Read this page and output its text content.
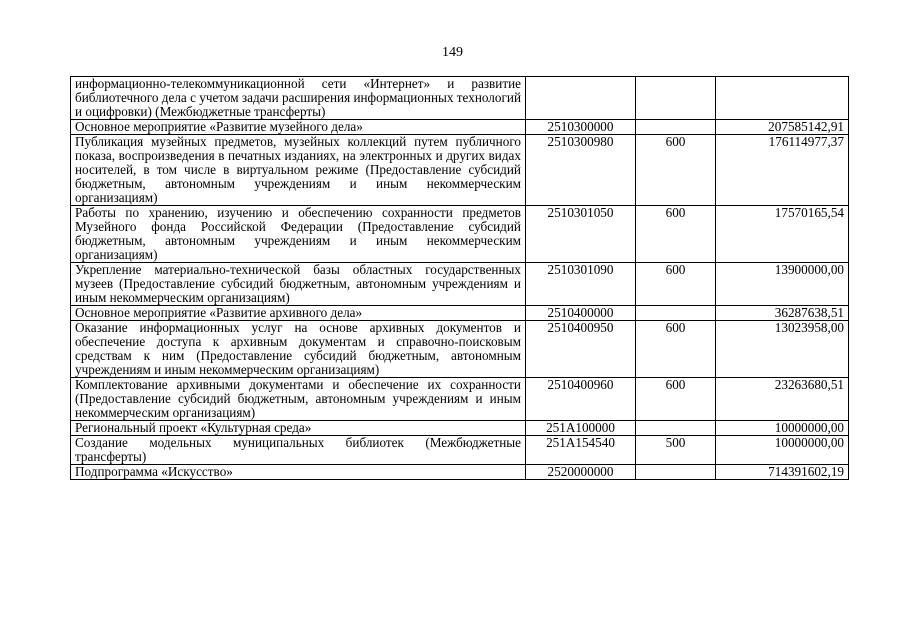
149
информационно-телекоммуникационной сети «Интернет» и развитие библиотечного дела с учетом задачи расширения информационных технологий и оцифровки) (Межбюджетные трансферты)			
Основное мероприятие «Развитие музейного дела»	2510300000		207585142,91
Публикация музейных предметов, музейных коллекций путем публичного показа, воспроизведения в печатных изданиях, на электронных и других видах носителей, в том числе в виртуальном режиме (Предоставление субсидий бюджетным, автономным учреждениям и иным некоммерческим организациям)	2510300980	600	176114977,37
Работы по хранению, изучению и обеспечению сохранности предметов Музейного фонда Российской Федерации (Предоставление субсидий бюджетным, автономным учреждениям и иным некоммерческим организациям)	2510301050	600	17570165,54
Укрепление материально-технической базы областных государственных музеев (Предоставление субсидий бюджетным, автономным учреждениям и иным некоммерческим организациям)	2510301090	600	13900000,00
Основное мероприятие «Развитие архивного дела»	2510400000		36287638,51
Оказание информационных услуг на основе архивных документов и обеспечение доступа к архивным документам и справочно-поисковым средствам к ним (Предоставление субсидий бюджетным, автономным учреждениям и иным некоммерческим организациям)	2510400950	600	13023958,00
Комплектование архивными документами и обеспечение их сохранности (Предоставление субсидий бюджетным, автономным учреждениям и иным некоммерческим организациям)	2510400960	600	23263680,51
Региональный проект «Культурная среда»	251А100000		10000000,00
Создание модельных муниципальных библиотек (Межбюджетные трансферты)	251А154540	500	10000000,00
Подпрограмма «Искусство»	2520000000		714391602,19
